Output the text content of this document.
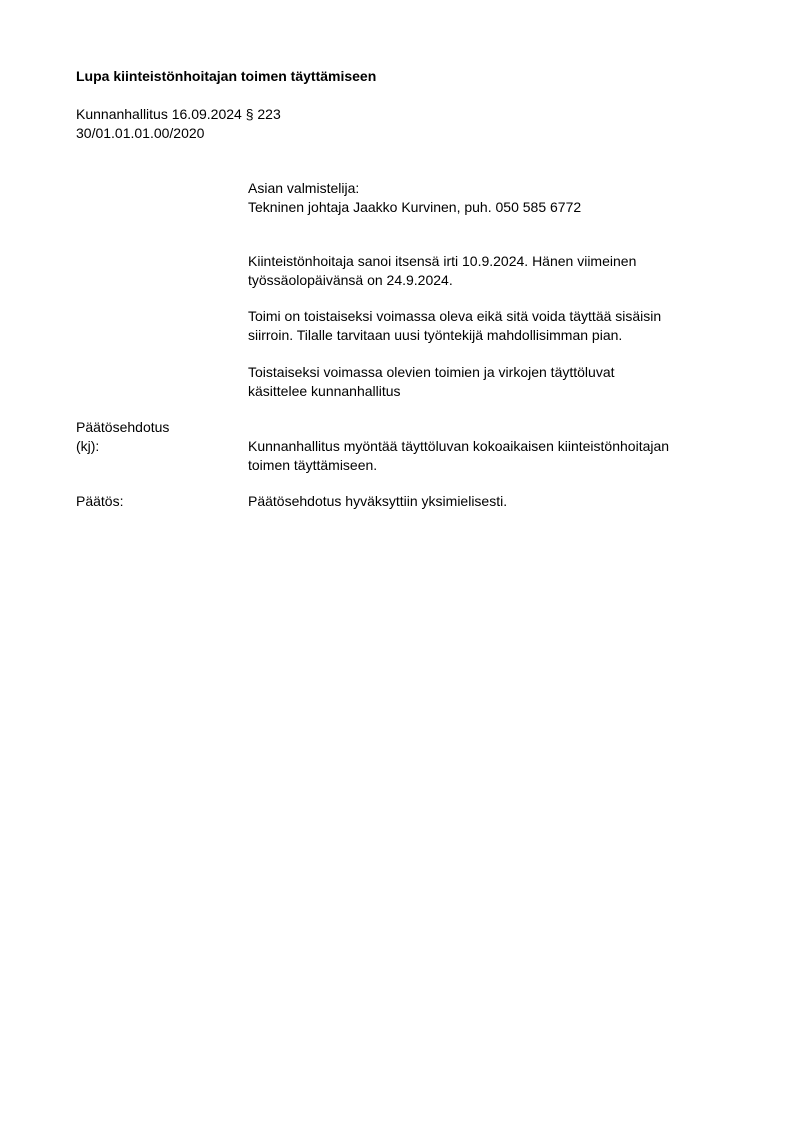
Lupa kiinteistönhoitajan toimen täyttämiseen
Kunnanhallitus 16.09.2024 § 223
30/01.01.01.00/2020
Asian valmistelija:
Tekninen johtaja Jaakko Kurvinen, puh. 050 585 6772
Kiinteistönhoitaja sanoi itsensä irti 10.9.2024. Hänen viimeinen
työssäolopäivänsä on 24.9.2024.
Toimi on toistaiseksi voimassa oleva eikä sitä voida täyttää sisäisin
siirroin. Tilalle tarvitaan uusi työntekijä mahdollisimman pian.
Toistaiseksi voimassa olevien toimien ja virkojen täyttöluvat
käsittelee kunnanhallitus
Päätösehdotus
(kj):	Kunnanhallitus myöntää täyttöluvan kokoaikaisen kiinteistönhoitajan
toimen täyttämiseen.
Päätös:	Päätösehdotus hyväksyttiin yksimielisesti.
